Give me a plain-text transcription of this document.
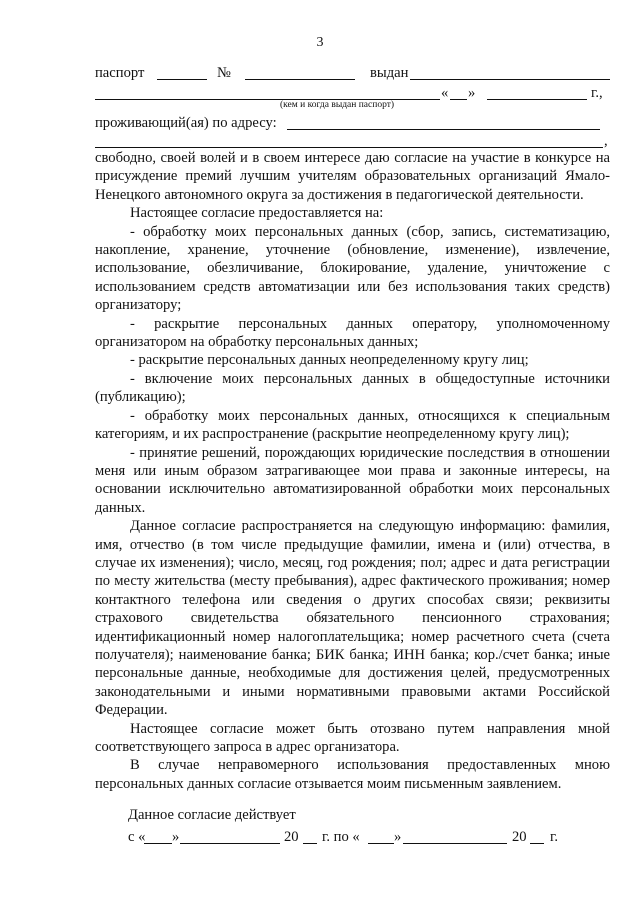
3
паспорт	№	выдан
« »	г.,
(кем и когда выдан паспорт)
проживающий(ая) по адресу:
,

свободно, своей волей и в своем интересе даю согласие на участие в конкурсе на присуждение премий лучшим учителям образовательных организаций Ямало-Ненецкого автономного округа за достижения в педагогической деятельности.

Настоящее согласие предоставляется на:

- обработку моих персональных данных (сбор, запись, систематизацию, накопление, хранение, уточнение (обновление, изменение), извлечение, использование, обезличивание, блокирование, удаление, уничтожение с использованием средств автоматизации или без использования таких средств) организатору;

- раскрытие персональных данных оператору, уполномоченному организатором на обработку персональных данных;

- раскрытие персональных данных неопределенному кругу лиц;

- включение моих персональных данных в общедоступные источники (публикацию);

- обработку моих персональных данных, относящихся к специальным категориям, и их распространение (раскрытие неопределенному кругу лиц);

- принятие решений, порождающих юридические последствия в отношении меня или иным образом затрагивающее мои права и законные интересы, на основании исключительно автоматизированной обработки моих персональных данных.

Данное согласие распространяется на следующую информацию: фамилия, имя, отчество (в том числе предыдущие фамилии, имена и (или) отчества, в случае их изменения); число, месяц, год рождения; пол; адрес и дата регистрации по месту жительства (месту пребывания), адрес фактического проживания; номер контактного телефона или сведения о других способах связи; реквизиты страхового свидетельства обязательного пенсионного страхования; идентификационный номер налогоплательщика; номер расчетного счета (счета получателя); наименование банка; БИК банка; ИНН банка; кор./счет банка; иные персональные данные, необходимые для достижения целей, предусмотренных законодательными и иными нормативными правовыми актами Российской Федерации.

Настоящее согласие может быть отозвано путем направления мной соответствующего запроса в адрес организатора.

В случае неправомерного использования предоставленных мною персональных данных согласие отзывается моим письменным заявлением.

Данное согласие действует
с « »	20 г. по « »	20 г.
